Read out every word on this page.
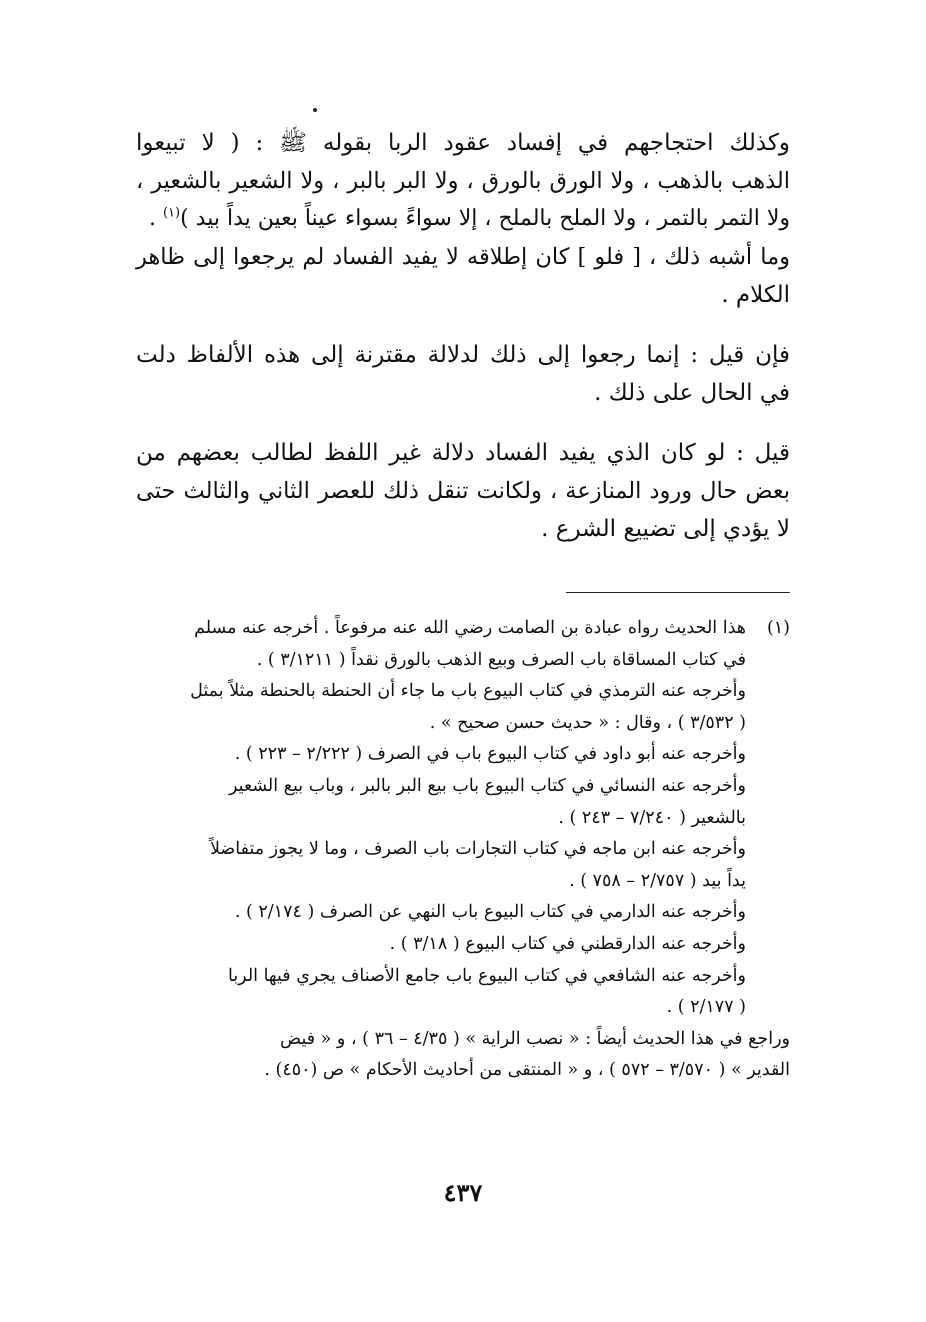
وكذلك احتجاجهم في إفساد عقود الربا بقوله ﷺ : ( لا تبيعوا
الذهب بالذهب ، ولا الورق بالورق ، ولا البر بالبر ، ولا الشعير بالشعير ،
ولا التمر بالتمر ، ولا الملح بالملح ، إلا سواءً بسواء عيناً بعين يداً بيد )$^{(١)}$ .
وما أشبه ذلك ، [ فلو ] كان إطلاقه لا يفيد الفساد لم يرجعوا إلى ظاهر
الكلام .
فإن قيل : إنما رجعوا إلى ذلك لدلالة مقترنة إلى هذه الألفاظ دلت
في الحال على ذلك .
قيل : لو كان الذي يفيد الفساد دلالة غير اللفظ لطالب بعضهم من
بعض حال ورود المنازعة ، ولكانت تنقل ذلك للعصر الثاني والثالث حتى
لا يؤدي إلى تضييع الشرع .
(١)
هذا الحديث رواه عبادة بن الصامت رضي الله عنه مرفوعاً . أخرجه عنه مسلم
في كتاب المساقاة باب الصرف وبيع الذهب بالورق نقداً ( ٣/١٢١١ ) .
وأخرجه عنه الترمذي في كتاب البيوع باب ما جاء أن الحنطة بالحنطة مثلاً بمثل
( ٣/٥٣٢ ) ، وقال : « حديث حسن صحيح » .
وأخرجه عنه أبو داود في كتاب البيوع باب في الصرف ( ٢/٢٢٢ – ٢٢٣ ) .
وأخرجه عنه النسائي في كتاب البيوع باب بيع البر بالبر ، وباب بيع الشعير
بالشعير ( ٧/٢٤٠ – ٢٤٣ ) .
وأخرجه عنه ابن ماجه في كتاب التجارات باب الصرف ، وما لا يجوز متفاضلاً
يداً بيد ( ٢/٧٥٧ – ٧٥٨ ) .
وأخرجه عنه الدارمي في كتاب البيوع باب النهي عن الصرف ( ٢/١٧٤ ) .
وأخرجه عنه الدارقطني في كتاب البيوع ( ٣/١٨ ) .
وأخرجه عنه الشافعي في كتاب البيوع باب جامع الأصناف يجري فيها الربا
( ٢/١٧٧ ) .
وراجع في هذا الحديث أيضاً : « نصب الراية » ( ٤/٣٥ – ٣٦ ) ، و « فيض
القدير » ( ٣/٥٧٠ – ٥٧٢ ) ، و « المنتقى من أحاديث الأحكام » ص (٤٥٠) .
٤٣٧
